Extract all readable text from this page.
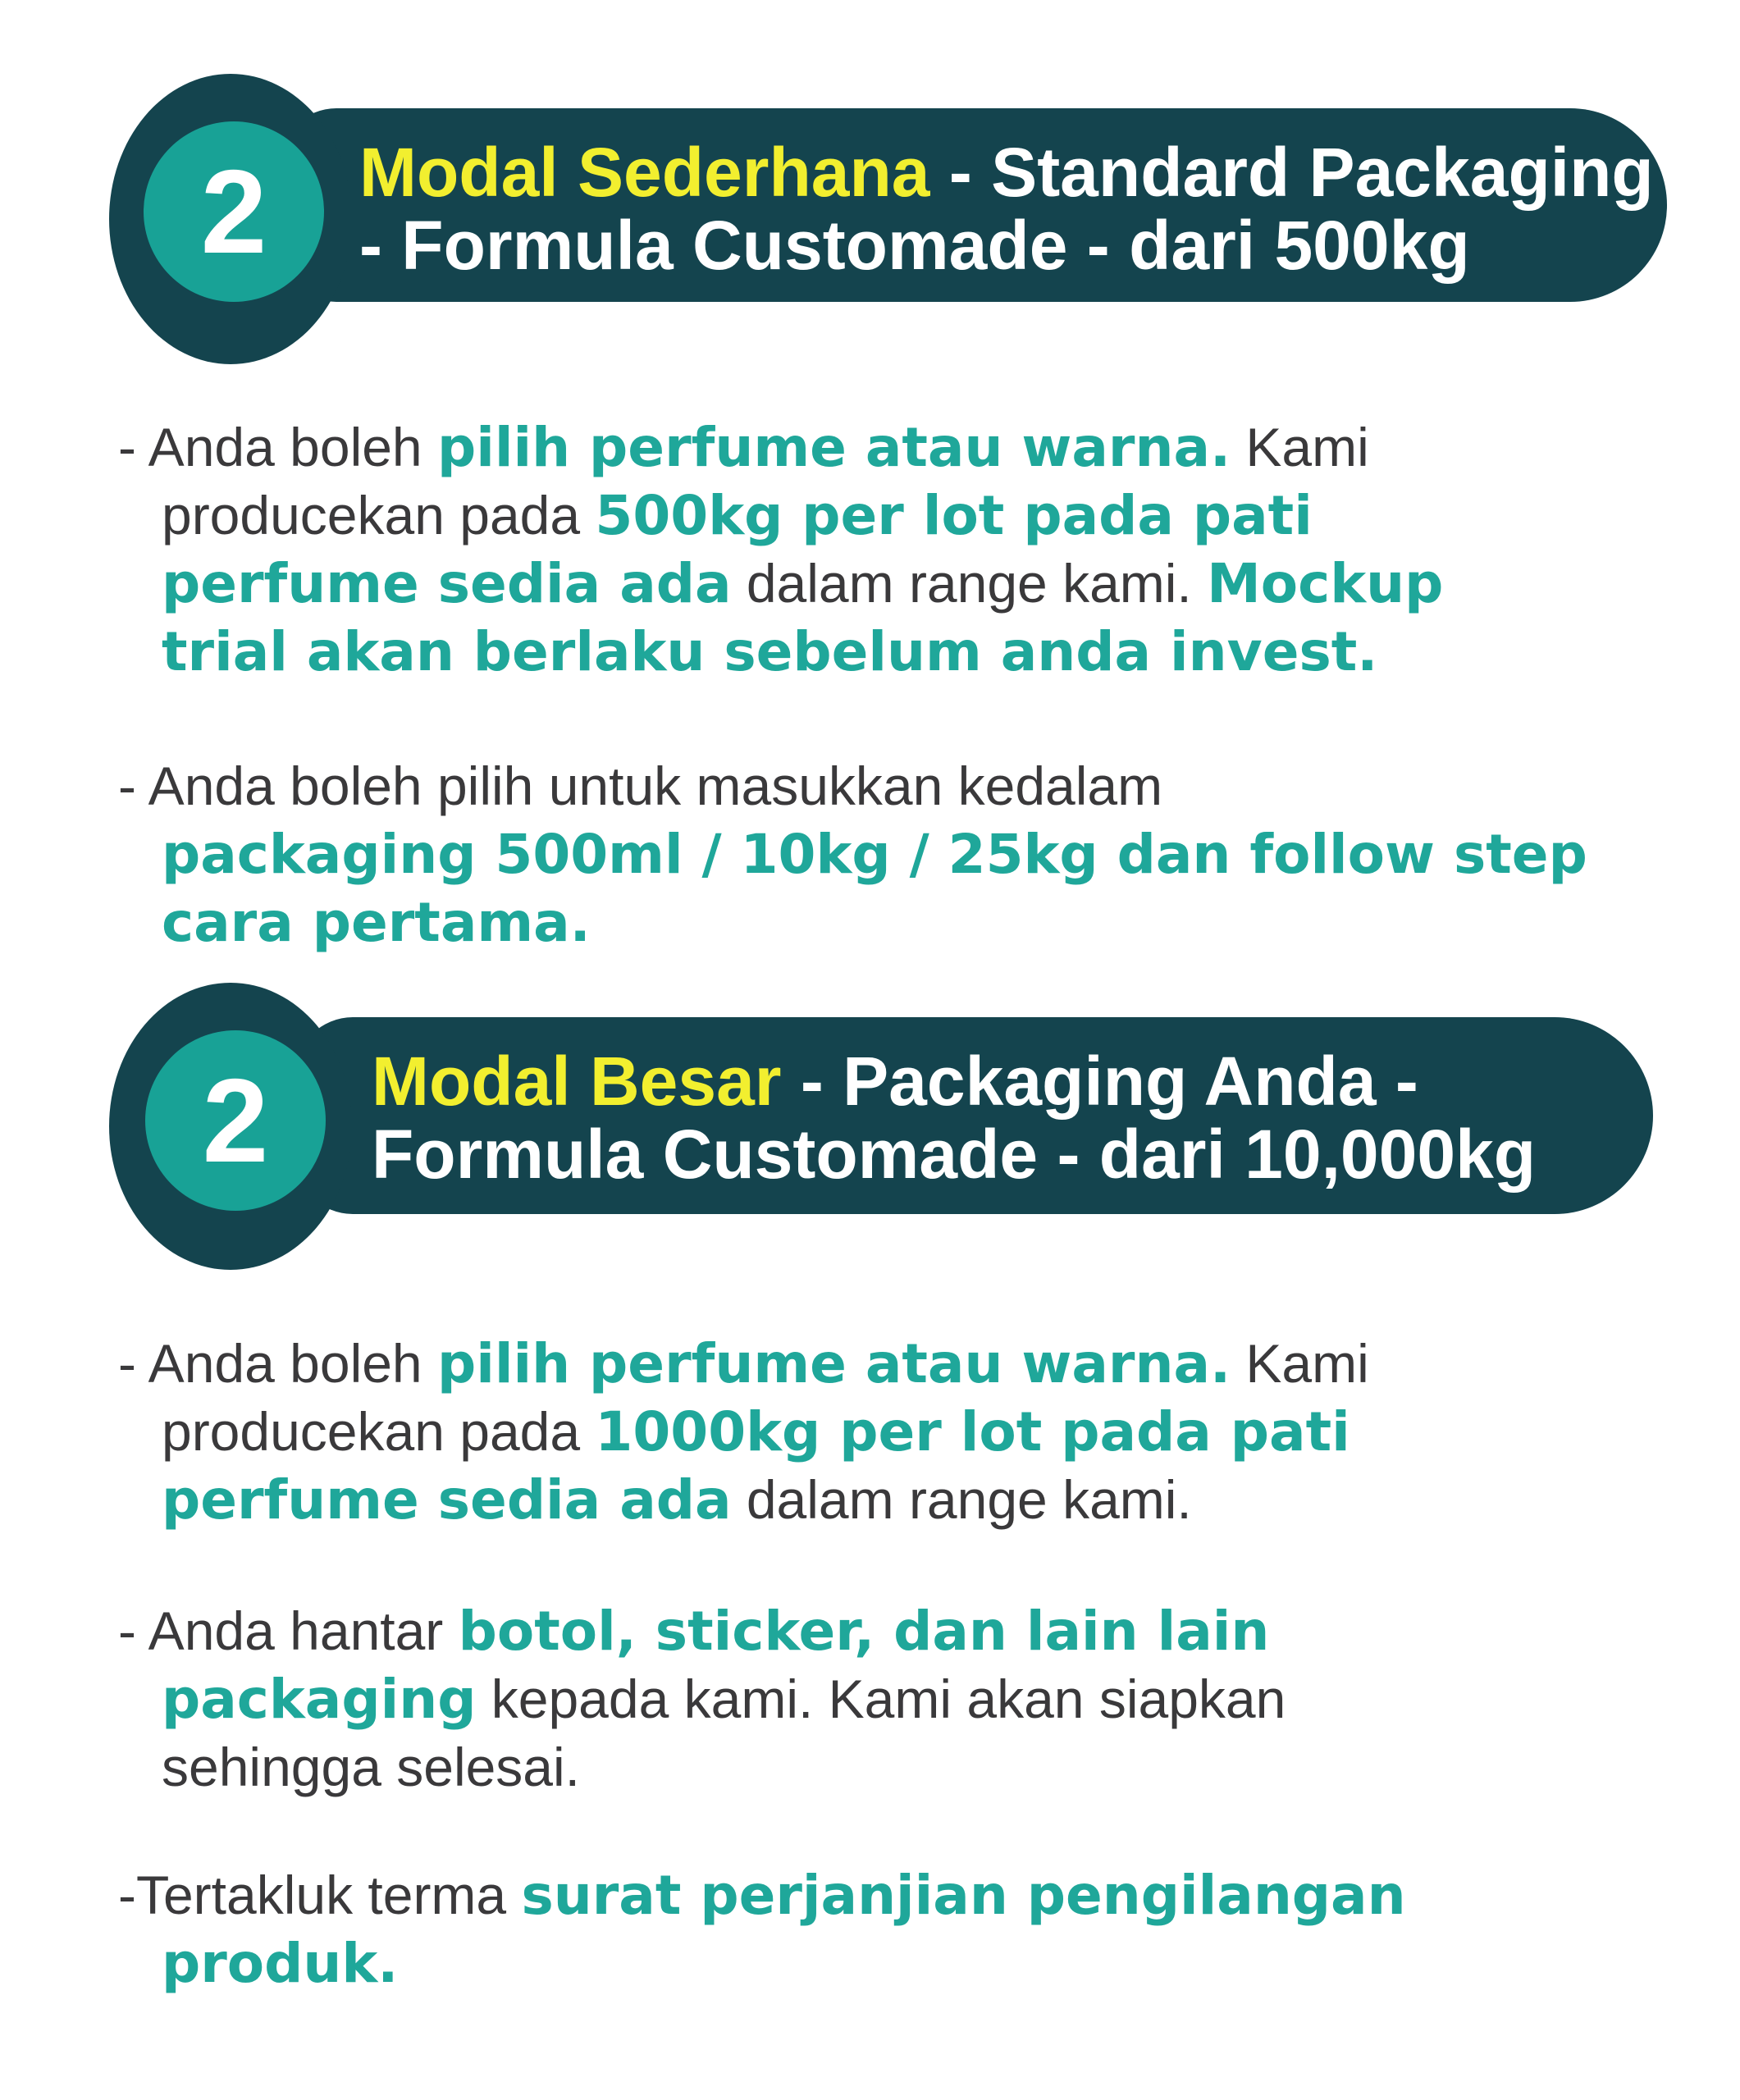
Modal Sederhana - Standard Packaging
- Formula Customade - dari 500kg
2
- Anda boleh pilih perfume atau warna. Kami
producekan pada 500kg per lot pada pati
perfume sedia ada dalam range kami. Mockup
trial akan berlaku sebelum anda invest.
- Anda boleh pilih untuk masukkan kedalam
packaging 500ml / 10kg / 25kg dan follow step
cara pertama.
Modal Besar - Packaging Anda -
Formula Customade - dari 10,000kg
2
- Anda boleh pilih perfume atau warna. Kami
producekan pada 1000kg per lot pada pati
perfume sedia ada dalam range kami.
- Anda hantar botol, sticker, dan lain lain
packaging kepada kami. Kami akan siapkan
sehingga selesai.
-Tertakluk terma surat perjanjian pengilangan
produk.
